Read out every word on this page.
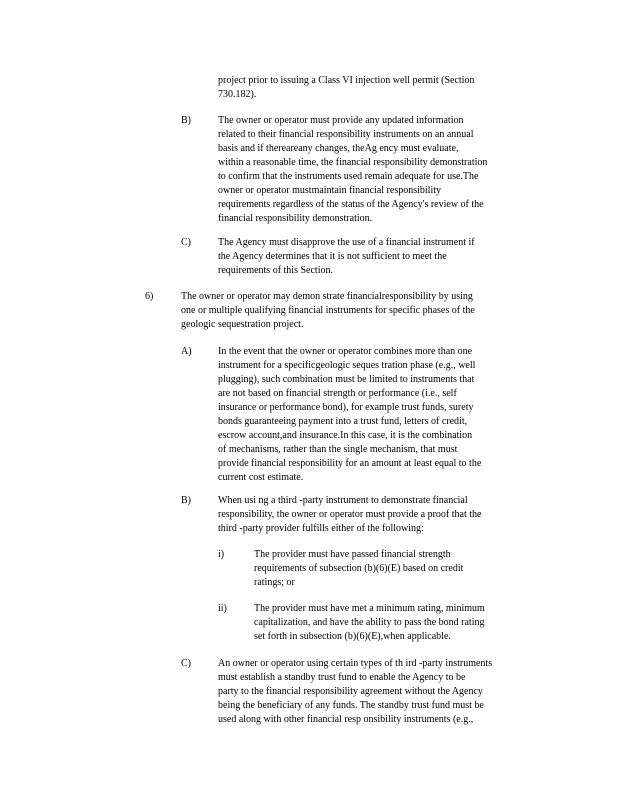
project prior to issuing a Class VI injection well permit (Section
730.182).
B)	The owner or operator must provide any updated information
related to their financial responsibility instruments on an annual
basis and if therearеany changes, theAg ency must evaluate,
within a reasonable time, the financial responsibility demonstration
to confirm that the instruments used remain adequate for use.The
owner or operator mustmaintain financial responsibility
requirements regardless of the status of the Agency's review of the
financial responsibility demonstration.
C)	The Agency must disapprove the use of a financial instrument if
the Agency determines that it is not sufficient to meet the
requirements of this Section.
6)	The owner or operator may demon strate financialresponsibility by using
one or multiple qualifying financial instruments for specific phases of the
geologic sequestration project.
A)	In the event that the owner or operator combines more than one
instrument for a specificgeologic seques tration phase (e.g., well
plugging), such combination must be limited to instruments that
are not based on financial strength or performance (i.e., self
insurance or performance bond), for example trust funds, surety
bonds guaranteeing payment into a trust fund, letters of credit,
escrow account,and insurance.In this case, it is the combination
of mechanisms, rather than the single mechanism, that must
provide financial responsibility for an amount at least equal to the
current cost estimate.
B)	When usi ng a third -party instrument to demonstrate financial
responsibility, the owner or operator must provide a proof that the
third -party provider fulfills either of the following:
i)	The provider must have passed financial strength
requirements of subsection (b)(6)(E) based on credit
ratings; or
ii)	The provider must have met a minimum rating, minimum
capitalization, and have the ability to pass the bond rating
set forth in subsection (b)(6)(E),when applicable.
C)	An owner or operator using certain types of th ird -party instruments
must establish a standby trust fund to enable the Agency to be
party to the financial responsibility agreement without the Agency
being the beneficiary of any funds. The standby trust fund must be
used along with other financial resp onsibility instruments (e.g.,
